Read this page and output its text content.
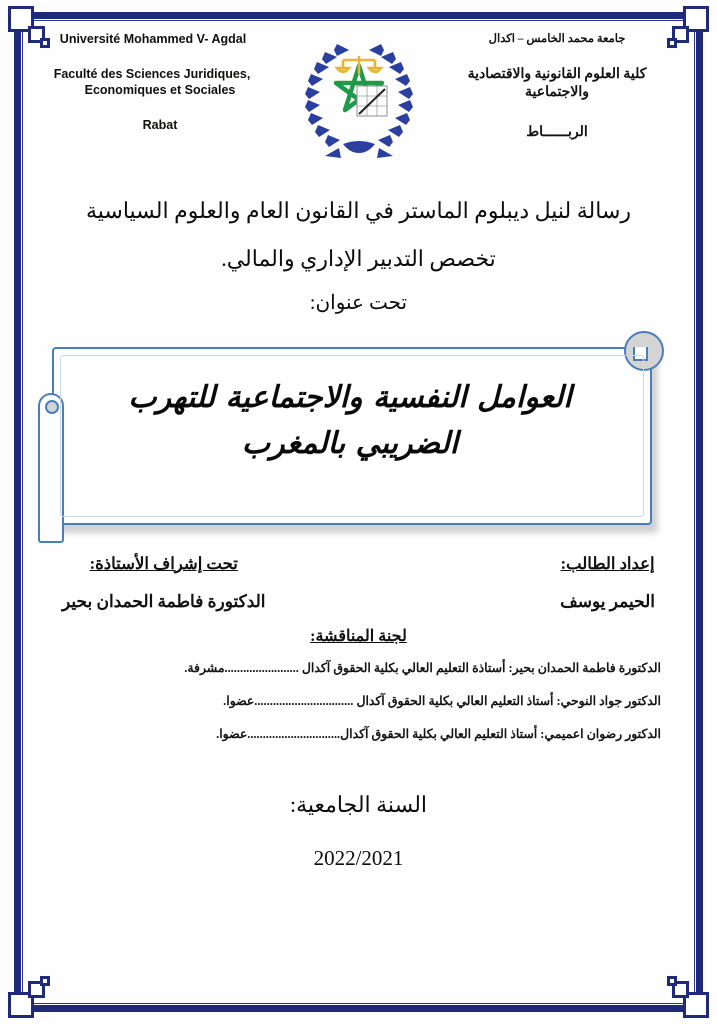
Université Mohammed V- Agdal
Faculté des Sciences Juridiques,
Economiques et Sociales
Rabat
جامعة محمد الخامس – اكدال
كلية العلوم القانونية والاقتصادية والاجتماعية
الربــــــاط
رسالة لنيل ديبلوم الماستر في القانون العام والعلوم السياسية
تخصص التدبير الإداري والمالي.
تحت عنوان:
العوامل النفسية والاجتماعية للتهرب الضريبي بالمغرب
إعداد الطالب:
الحيمر يوسف
تحت إشراف الأستاذة:
الدكتورة فاطمة الحمدان بحير
لجنة المناقشة:
الدكتورة فاطمة الحمدان بحير: أستاذة التعليم العالي بكلية الحقوق آكدال ........................مشرفة.
الدكتور جواد النوحي: أستاذ التعليم العالي بكلية الحقوق آكدال ................................عضوا.
الدكتور رضوان اعميمي: أستاذ التعليم العالي بكلية الحقوق آكدال..............................عضوا.
السنة الجامعية:
2022/2021
